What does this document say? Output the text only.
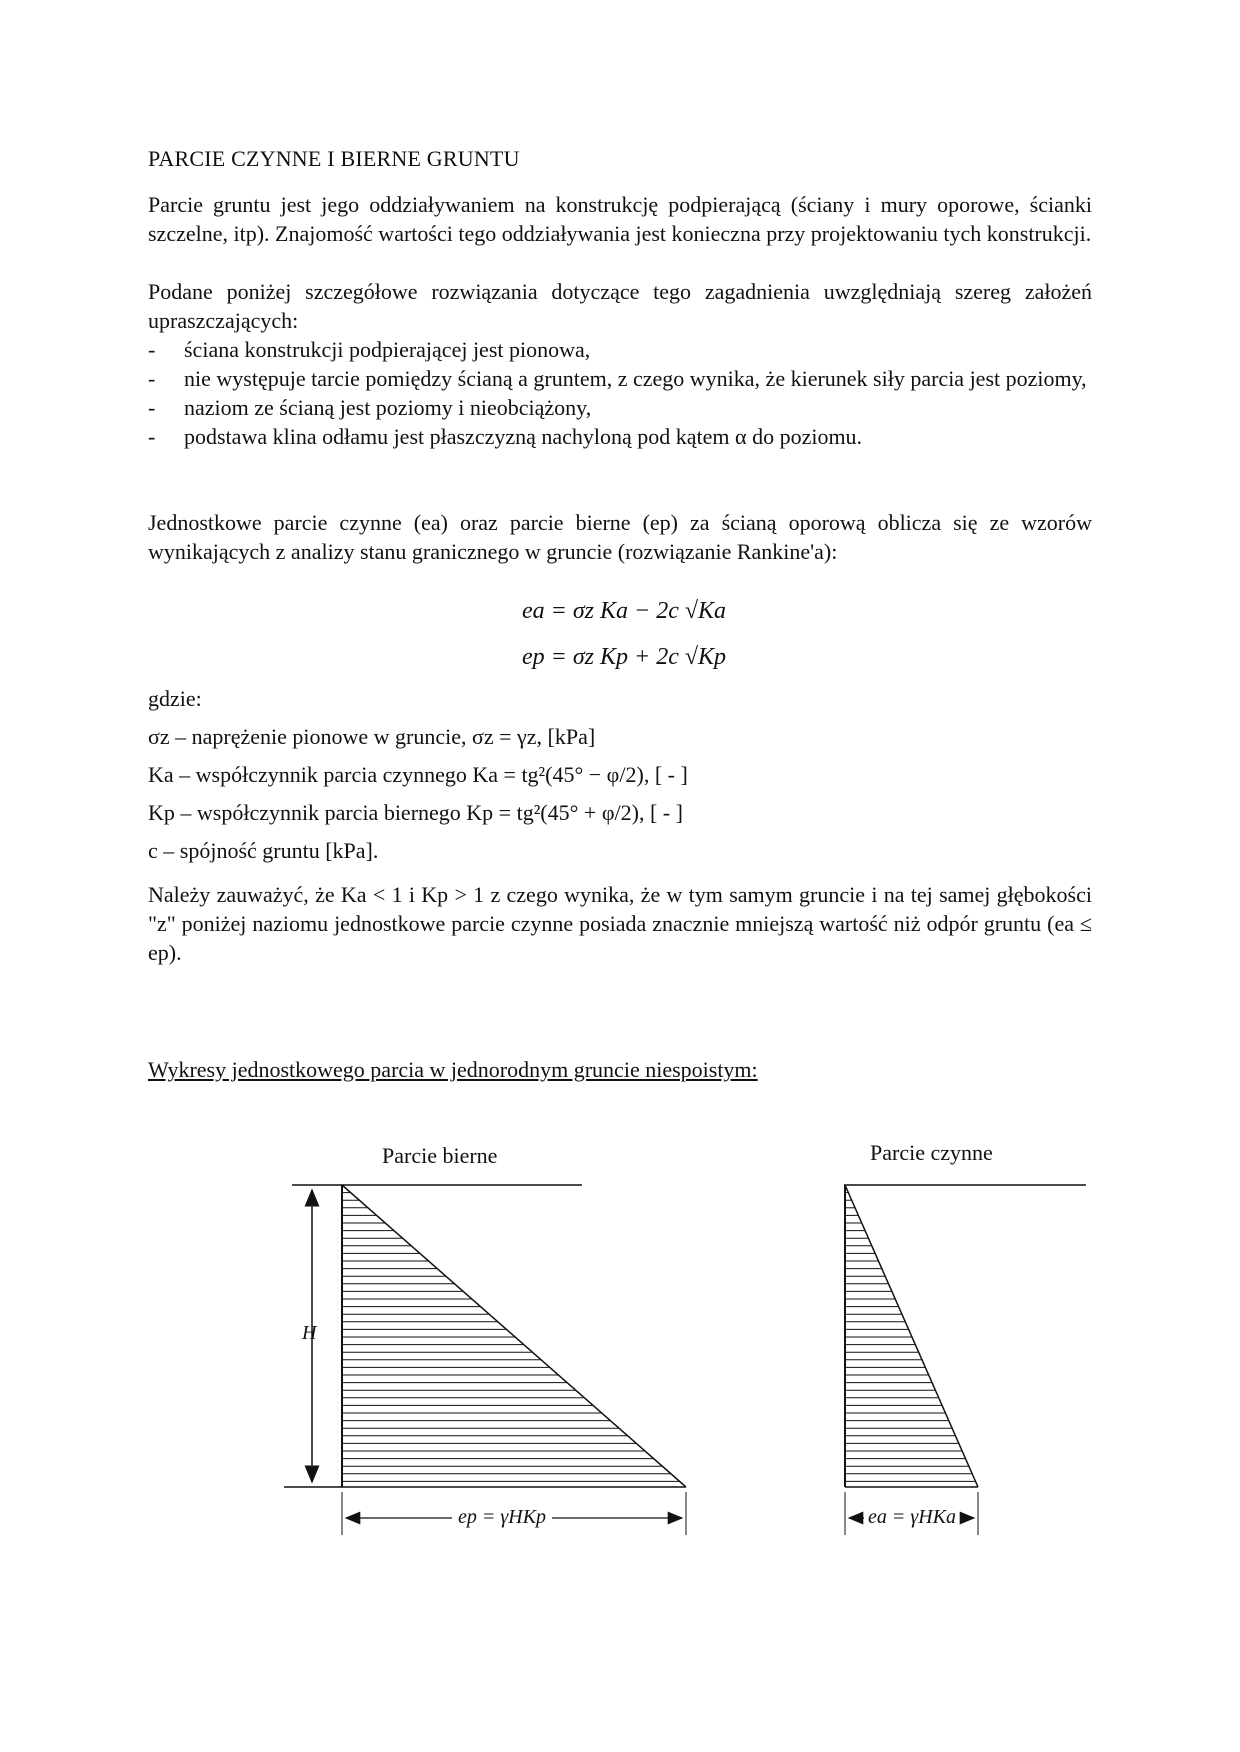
PARCIE CZYNNE I BIERNE GRUNTU
Parcie gruntu jest jego oddziaływaniem na konstrukcję podpierającą (ściany i mury oporowe, ścianki szczelne, itp). Znajomość wartości tego oddziaływania jest konieczna przy projektowaniu tych konstrukcji.
Podane poniżej szczegółowe rozwiązania dotyczące tego zagadnienia uwzględniają szereg założeń upraszczających:
- ściana konstrukcji podpierającej jest pionowa,
- nie występuje tarcie pomiędzy ścianą a gruntem, z czego wynika, że kierunek siły parcia jest poziomy,
- naziom ze ścianą jest poziomy i nieobciążony,
- podstawa klina odłamu jest płaszczyzną nachyloną pod kątem α do poziomu.
Jednostkowe parcie czynne (ea) oraz parcie bierne (ep) za ścianą oporową oblicza się ze wzorów wynikających z analizy stanu granicznego w gruncie (rozwiązanie Rankine'a):
ea = σz Ka − 2c √Ka
ep = σz Kp + 2c √Kp
gdzie:
σz – naprężenie pionowe w gruncie, σz = γz, [kPa]
Ka – współczynnik parcia czynnego Ka = tg²(45° − φ/2), [ - ]
Kp – współczynnik parcia biernego Kp = tg²(45° + φ/2), [ - ]
c – spójność gruntu [kPa].
Należy zauważyć, że Ka < 1 i Kp > 1 z czego wynika, że w tym samym gruncie i na tej samej głębokości "z" poniżej naziomu jednostkowe parcie czynne posiada znacznie mniejszą wartość niż odpór gruntu (ea ≤ ep).
Wykresy jednostkowego parcia w jednorodnym gruncie niespoistym:
Parcie bierne	Parcie czynne
H
ep = γHKp	ea = γHKa
